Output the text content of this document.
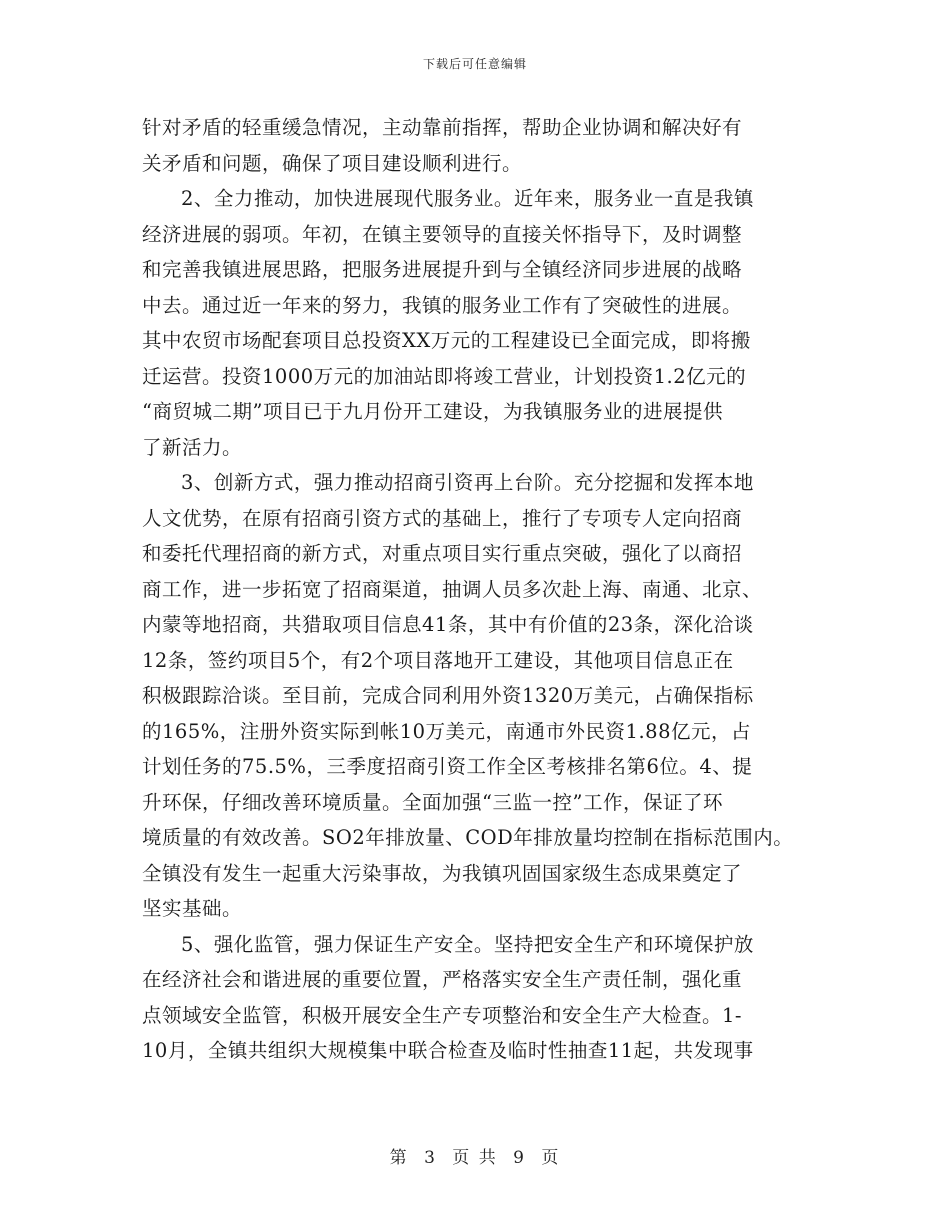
下载后可任意编辑
针对矛盾的轻重缓急情况，主动靠前指挥，帮助企业协调和解决好有
关矛盾和问题，确保了项目建设顺利进行。
2、全力推动，加快进展现代服务业。近年来，服务业一直是我镇
经济进展的弱项。年初，在镇主要领导的直接关怀指导下，及时调整
和完善我镇进展思路，把服务进展提升到与全镇经济同步进展的战略
中去。通过近一年来的努力，我镇的服务业工作有了突破性的进展。
其中农贸市场配套项目总投资XX万元的工程建设已全面完成，即将搬
迁运营。投资1000万元的加油站即将竣工营业，计划投资1.2亿元的
“商贸城二期”项目已于九月份开工建设，为我镇服务业的进展提供
了新活力。
3、创新方式，强力推动招商引资再上台阶。充分挖掘和发挥本地
人文优势，在原有招商引资方式的基础上，推行了专项专人定向招商
和委托代理招商的新方式，对重点项目实行重点突破，强化了以商招
商工作，进一步拓宽了招商渠道，抽调人员多次赴上海、南通、北京、
内蒙等地招商，共猎取项目信息41条，其中有价值的23条，深化洽谈
12条，签约项目5个，有2个项目落地开工建设，其他项目信息正在
积极跟踪洽谈。至目前，完成合同利用外资1320万美元，占确保指标
的165%，注册外资实际到帐10万美元，南通市外民资1.88亿元，占
计划任务的75.5%，三季度招商引资工作全区考核排名第6位。4、提
升环保，仔细改善环境质量。全面加强“三监一控”工作，保证了环
境质量的有效改善。SO2年排放量、COD年排放量均控制在指标范围内。
全镇没有发生一起重大污染事故，为我镇巩固国家级生态成果奠定了
坚实基础。
5、强化监管，强力保证生产安全。坚持把安全生产和环境保护放
在经济社会和谐进展的重要位置，严格落实安全生产责任制，强化重
点领域安全监管，积极开展安全生产专项整治和安全生产大检查。1-
10月，全镇共组织大规模集中联合检查及临时性抽查11起，共发现事
第 3 页 共 9 页
